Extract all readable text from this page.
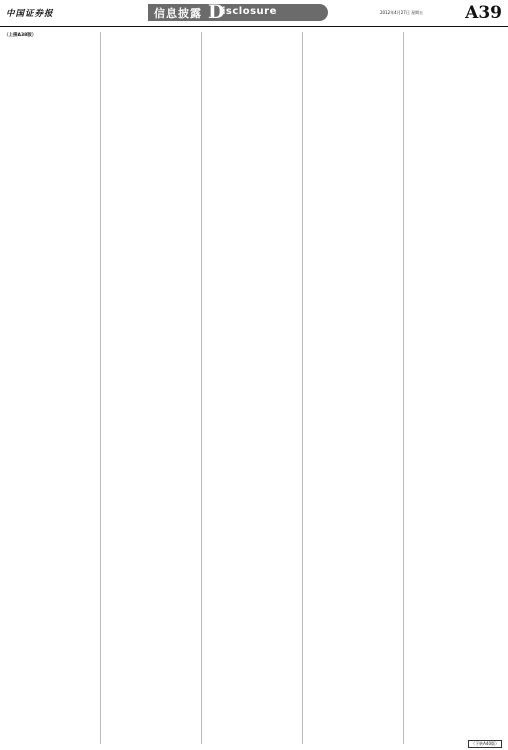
中国证券报	信息披露 D
isclosure	2012年4月27日 星期五 A39
（上接A38版）
（下转A40版）
